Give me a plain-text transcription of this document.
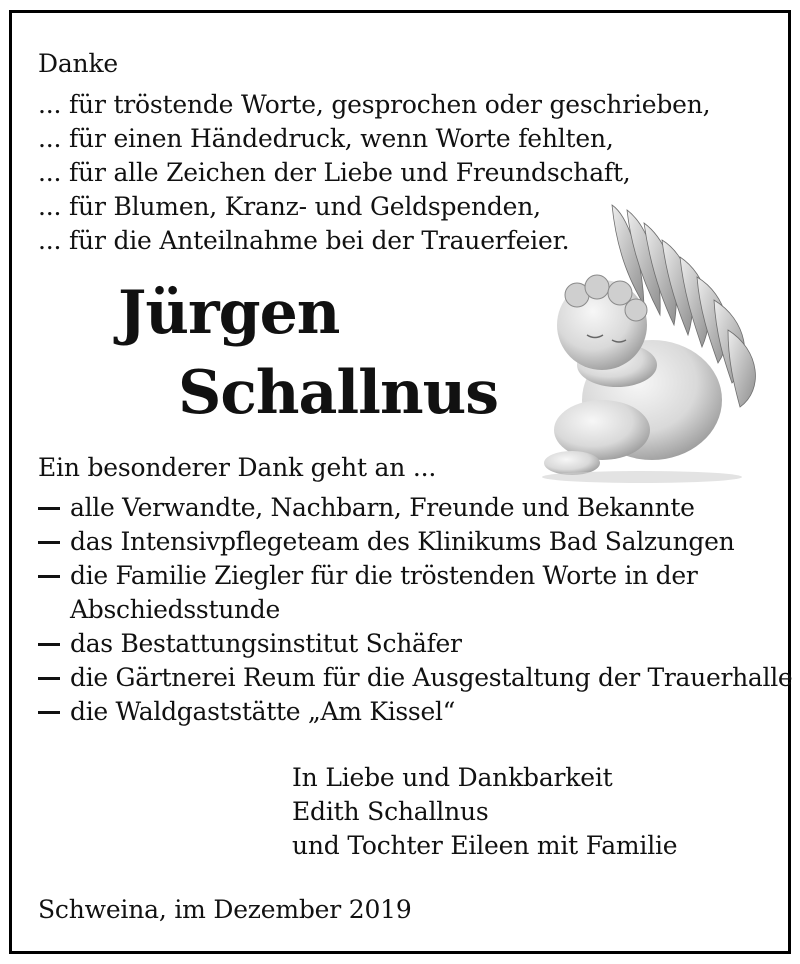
Danke
... für tröstende Worte, gesprochen oder geschrieben,
... für einen Händedruck, wenn Worte fehlten,
... für alle Zeichen der Liebe und Freundschaft,
... für Blumen, Kranz- und Geldspenden,
... für die Anteilnahme bei der Trauerfeier.
Jürgen
Schallnus
Ein besonderer Dank geht an ...
alle Verwandte, Nachbarn, Freunde und Bekannte
das Intensivpflegeteam des Klinikums Bad Salzungen
die Familie Ziegler für die tröstenden Worte in der
Abschiedsstunde
das Bestattungsinstitut Schäfer
die Gärtnerei Reum für die Ausgestaltung der Trauerhalle
die Waldgaststätte „Am Kissel“
In Liebe und Dankbarkeit
Edith Schallnus
und Tochter Eileen mit Familie
Schweina, im Dezember 2019
